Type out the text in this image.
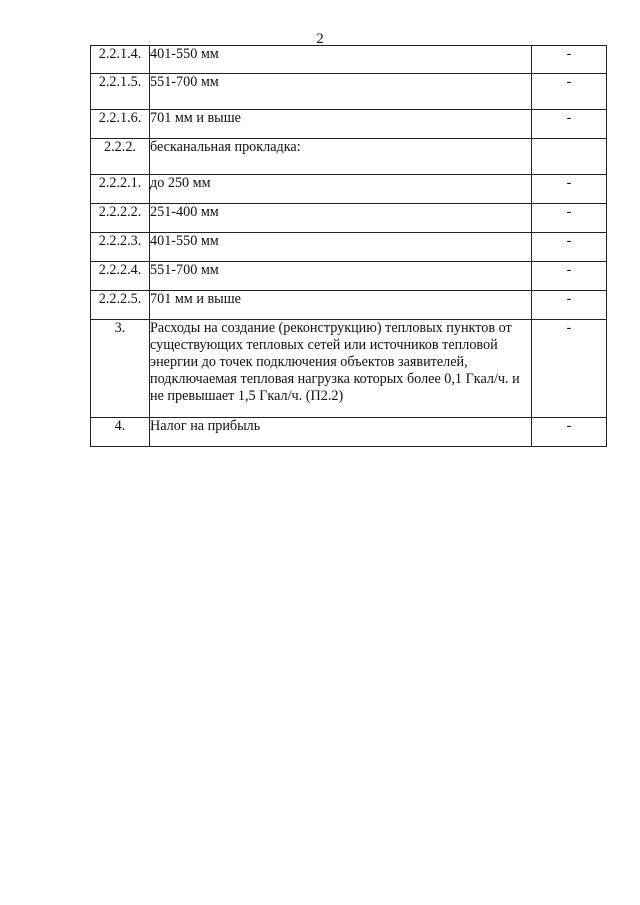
2
2.2.1.4.	401-550 мм	-
2.2.1.5.	551-700 мм	-
2.2.1.6.	701 мм и выше	-
2.2.2.	бесканальная прокладка:	
2.2.2.1.	до 250 мм	-
2.2.2.2.	251-400 мм	-
2.2.2.3.	401-550 мм	-
2.2.2.4.	551-700 мм	-
2.2.2.5.	701 мм и выше	-
3.	Расходы на создание (реконструкцию) тепловых пунктов от существующих тепловых сетей или источников тепловой энергии до точек подключения объектов заявителей, подключаемая тепловая нагрузка которых более 0,1 Гкал/ч. и не превышает 1,5 Гкал/ч. (П2.2)	-
4.	Налог на прибыль	-
